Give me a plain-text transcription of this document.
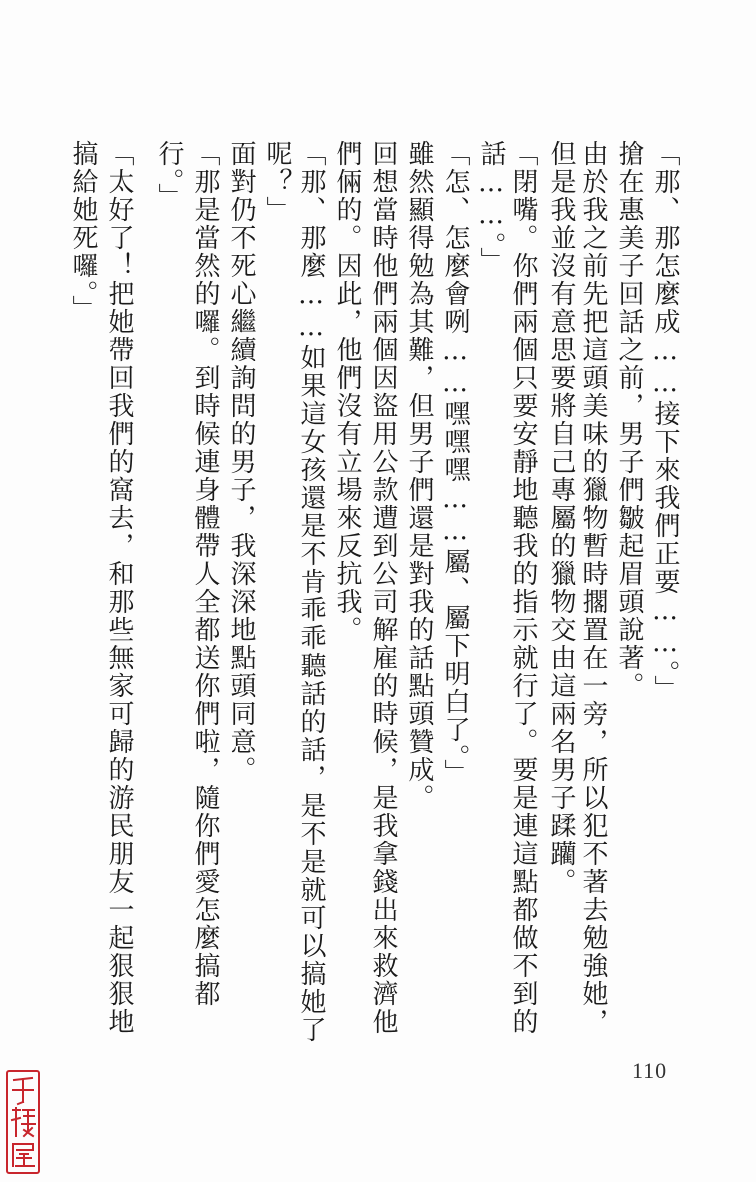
「那、那怎麼成……接下來我們正要……。」
搶在惠美子回話之前，男子們皺起眉頭說著。
由於我之前先把這頭美味的獵物暫時擱置在一旁，所以犯不著去勉強她，
但是我並沒有意思要將自己專屬的獵物交由這兩名男子蹂躪。
「閉嘴。你們兩個只要安靜地聽我的指示就行了。要是連這點都做不到的
話……。」
「怎、怎麼會咧……嘿嘿嘿……屬、屬下明白了。」
雖然顯得勉為其難，但男子們還是對我的話點頭贊成。
回想當時他們兩個因盜用公款遭到公司解雇的時候，是我拿錢出來救濟他
們倆的。因此，他們沒有立場來反抗我。
「那、那麼……如果這女孩還是不肯乖乖聽話的話，是不是就可以搞她了
呢？」
面對仍不死心繼續詢問的男子，我深深地點頭同意。
「那是當然的囉。到時候連身體帶人全都送你們啦，隨你們愛怎麼搞都
行。」
「太好了！把她帶回我們的窩去，和那些無家可歸的游民朋友一起狠狠地
搞給她死囉。」
110
